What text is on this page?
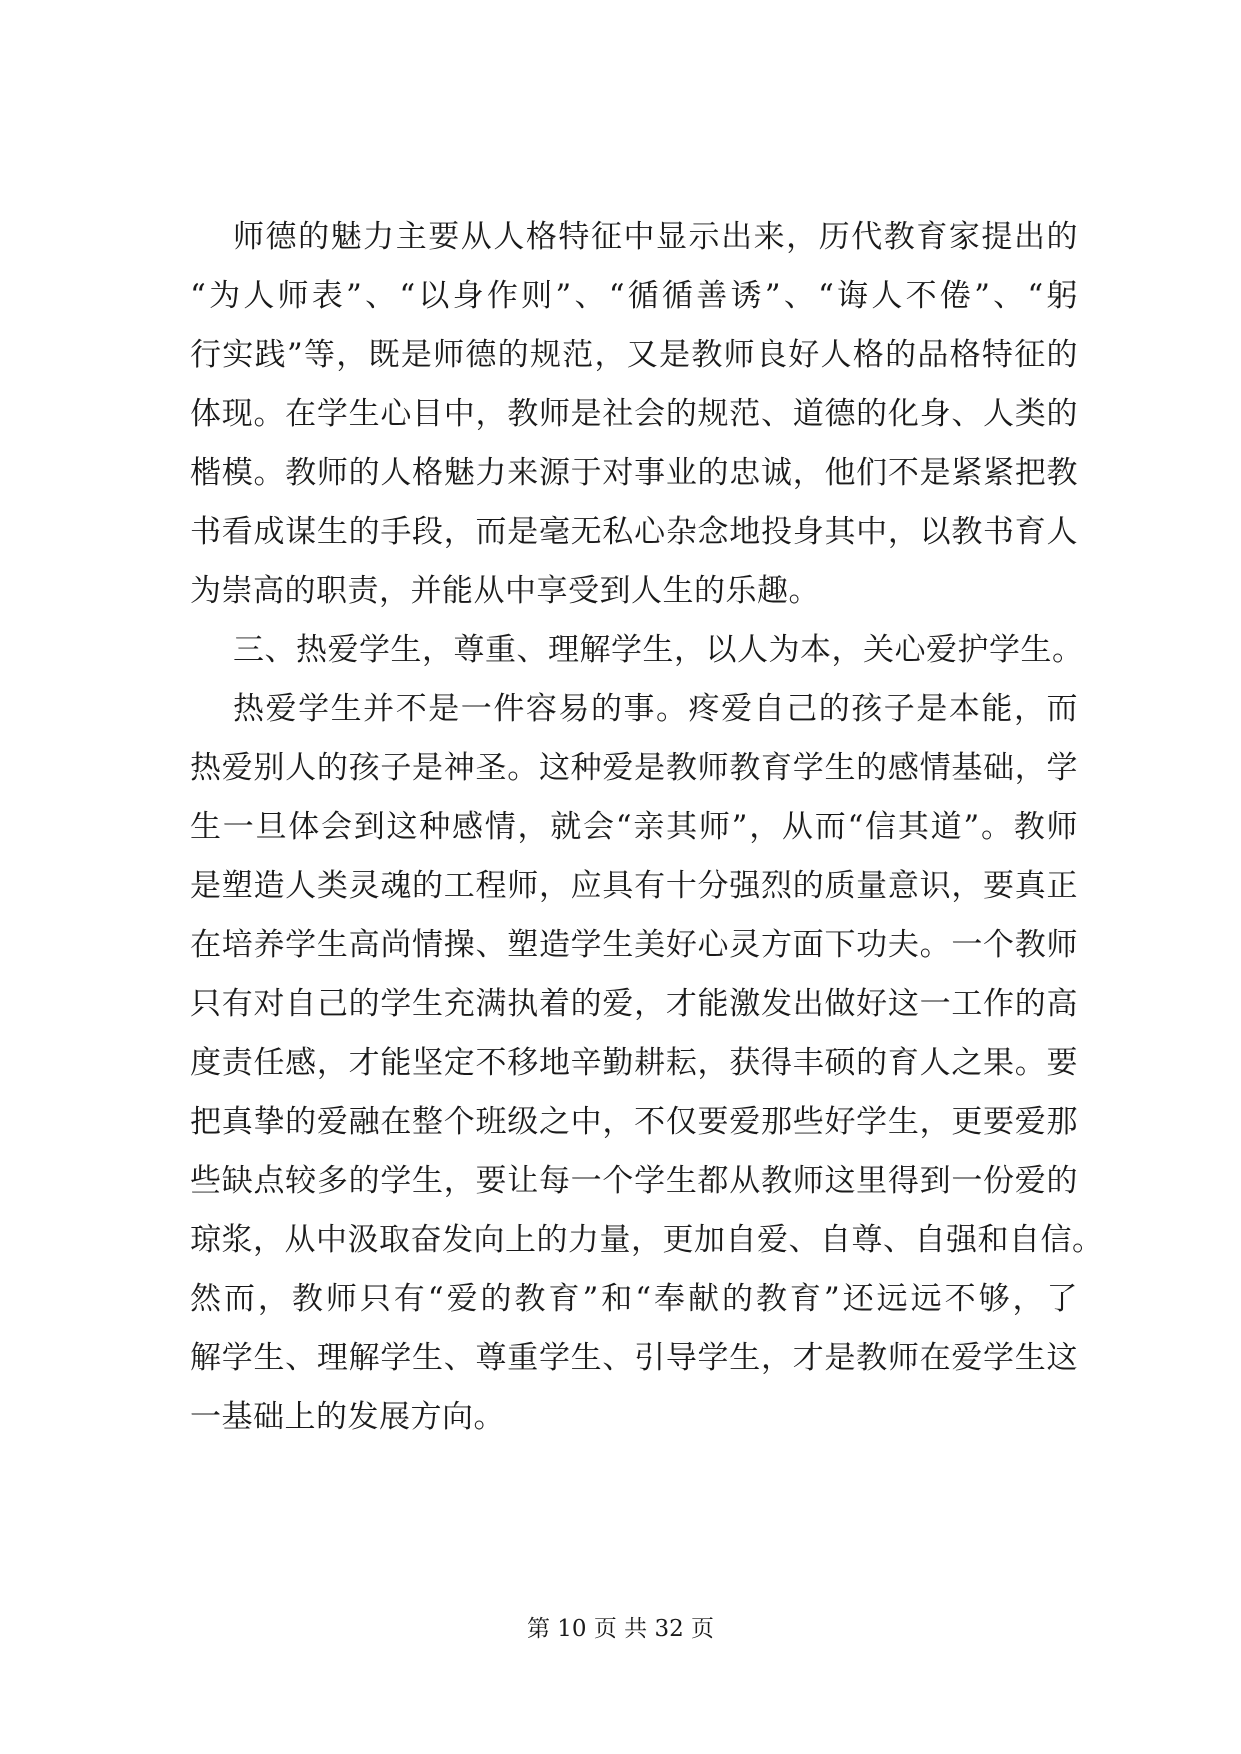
师德的魅力主要从人格特征中显示出来，历代教育家提出的
“为人师表”、“以身作则”、“循循善诱”、“诲人不倦”、“躬
行实践”等，既是师德的规范，又是教师良好人格的品格特征的
体现。在学生心目中，教师是社会的规范、道德的化身、人类的
楷模。教师的人格魅力来源于对事业的忠诚，他们不是紧紧把教
书看成谋生的手段，而是毫无私心杂念地投身其中，以教书育人
为崇高的职责，并能从中享受到人生的乐趣。
三、热爱学生，尊重、理解学生，以人为本，关心爱护学生。
热爱学生并不是一件容易的事。疼爱自己的孩子是本能，而
热爱别人的孩子是神圣。这种爱是教师教育学生的感情基础，学
生一旦体会到这种感情，就会“亲其师”，从而“信其道”。教师
是塑造人类灵魂的工程师，应具有十分强烈的质量意识，要真正
在培养学生高尚情操、塑造学生美好心灵方面下功夫。一个教师
只有对自己的学生充满执着的爱，才能激发出做好这一工作的高
度责任感，才能坚定不移地辛勤耕耘，获得丰硕的育人之果。要
把真挚的爱融在整个班级之中，不仅要爱那些好学生，更要爱那
些缺点较多的学生，要让每一个学生都从教师这里得到一份爱的
琼浆，从中汲取奋发向上的力量，更加自爱、自尊、自强和自信。
然而，教师只有“爱的教育”和“奉献的教育”还远远不够，了
解学生、理解学生、尊重学生、引导学生，才是教师在爱学生这
一基础上的发展方向。
第 10 页 共 32 页
